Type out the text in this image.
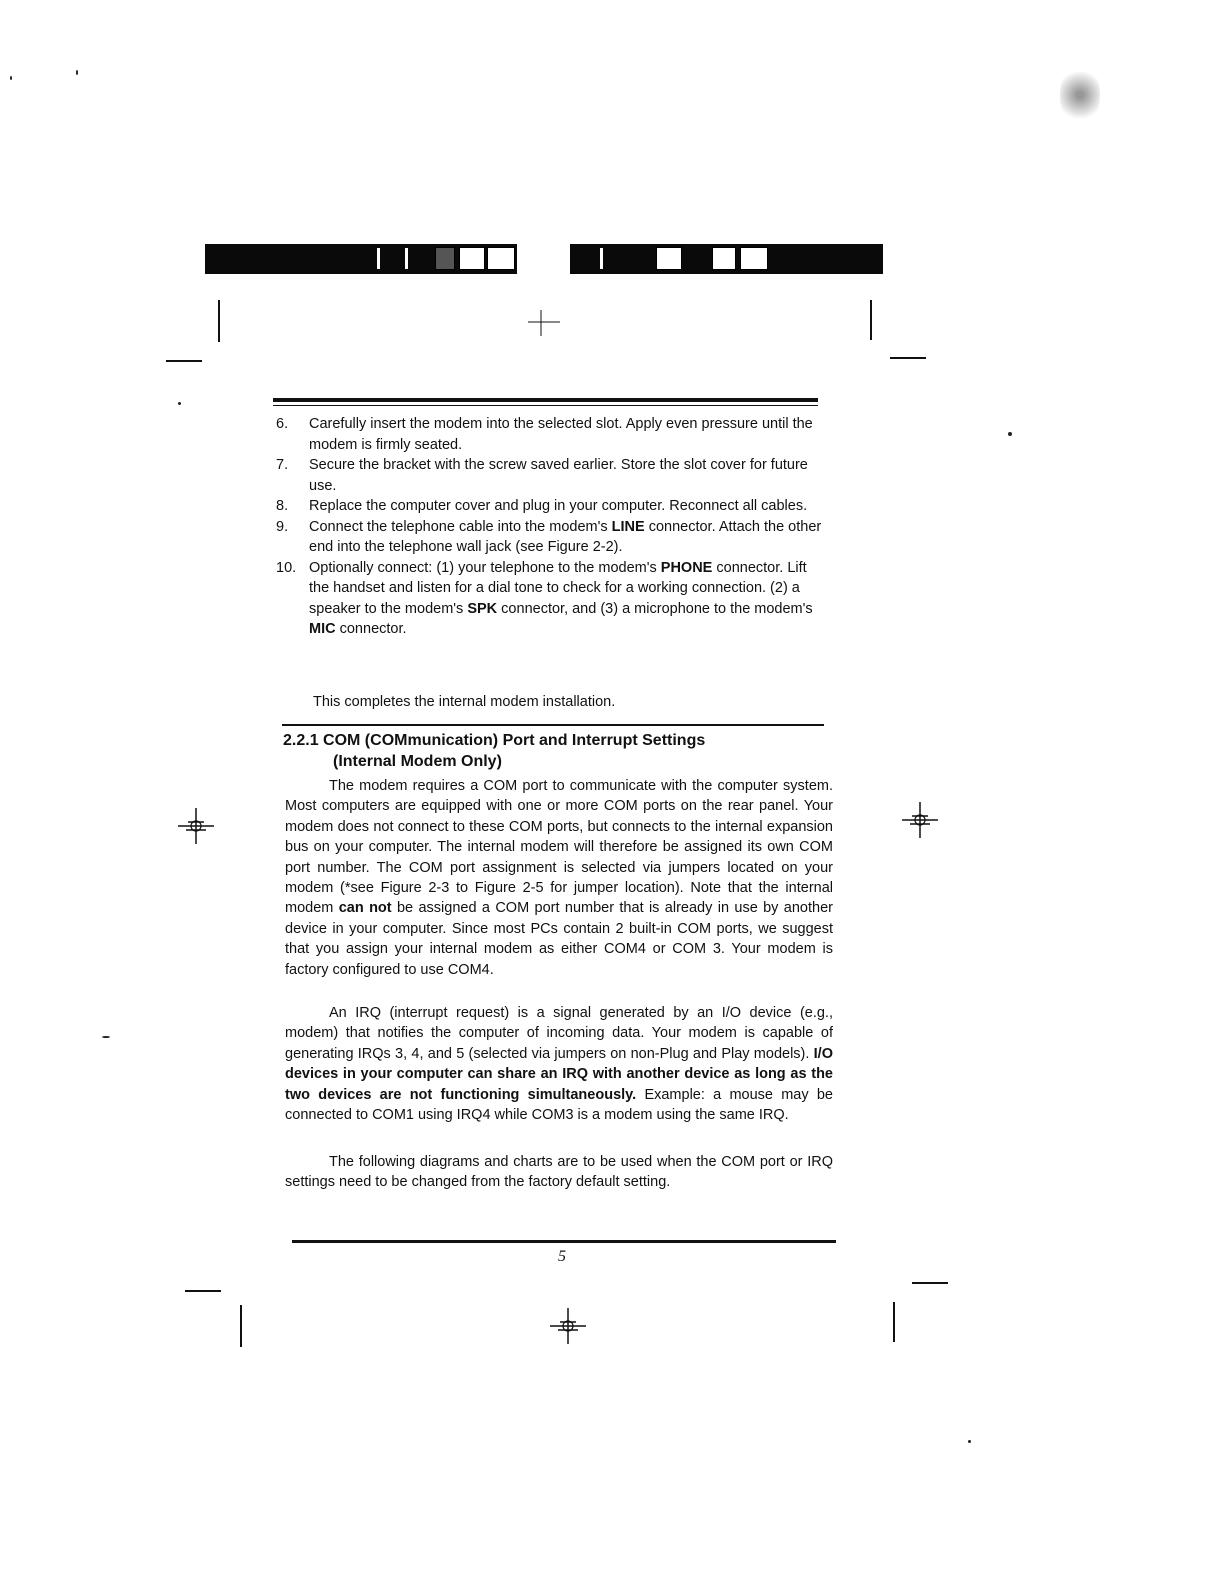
6. Carefully insert the modem into the selected slot. Apply even pressure until the modem is firmly seated.
7. Secure the bracket with the screw saved earlier. Store the slot cover for future use.
8. Replace the computer cover and plug in your computer. Reconnect all cables.
9. Connect the telephone cable into the modem's LINE connector. Attach the other end into the telephone wall jack (see Figure 2-2).
10. Optionally connect: (1) your telephone to the modem's PHONE connector. Lift the handset and listen for a dial tone to check for a working connection. (2) a speaker to the modem's SPK connector, and (3) a microphone to the modem's MIC connector.
This completes the internal modem installation.
2.2.1 COM (COMmunication) Port and Interrupt Settings
(Internal Modem Only)
The modem requires a COM port to communicate with the computer system. Most computers are equipped with one or more COM ports on the rear panel. Your modem does not connect to these COM ports, but connects to the internal expansion bus on your computer. The internal modem will therefore be assigned its own COM port number. The COM port assignment is selected via jumpers located on your modem (*see Figure 2-3 to Figure 2-5 for jumper location). Note that the internal modem can not be assigned a COM port number that is already in use by another device in your computer. Since most PCs contain 2 built-in COM ports, we suggest that you assign your internal modem as either COM4 or COM 3. Your modem is factory configured to use COM4.
An IRQ (interrupt request) is a signal generated by an I/O device (e.g., modem) that notifies the computer of incoming data. Your modem is capable of generating IRQs 3, 4, and 5 (selected via jumpers on non-Plug and Play models). I/O devices in your computer can share an IRQ with another device as long as the two devices are not functioning simultaneously. Example: a mouse may be connected to COM1 using IRQ4 while COM3 is a modem using the same IRQ.
The following diagrams and charts are to be used when the COM port or IRQ settings need to be changed from the factory default setting.
5
